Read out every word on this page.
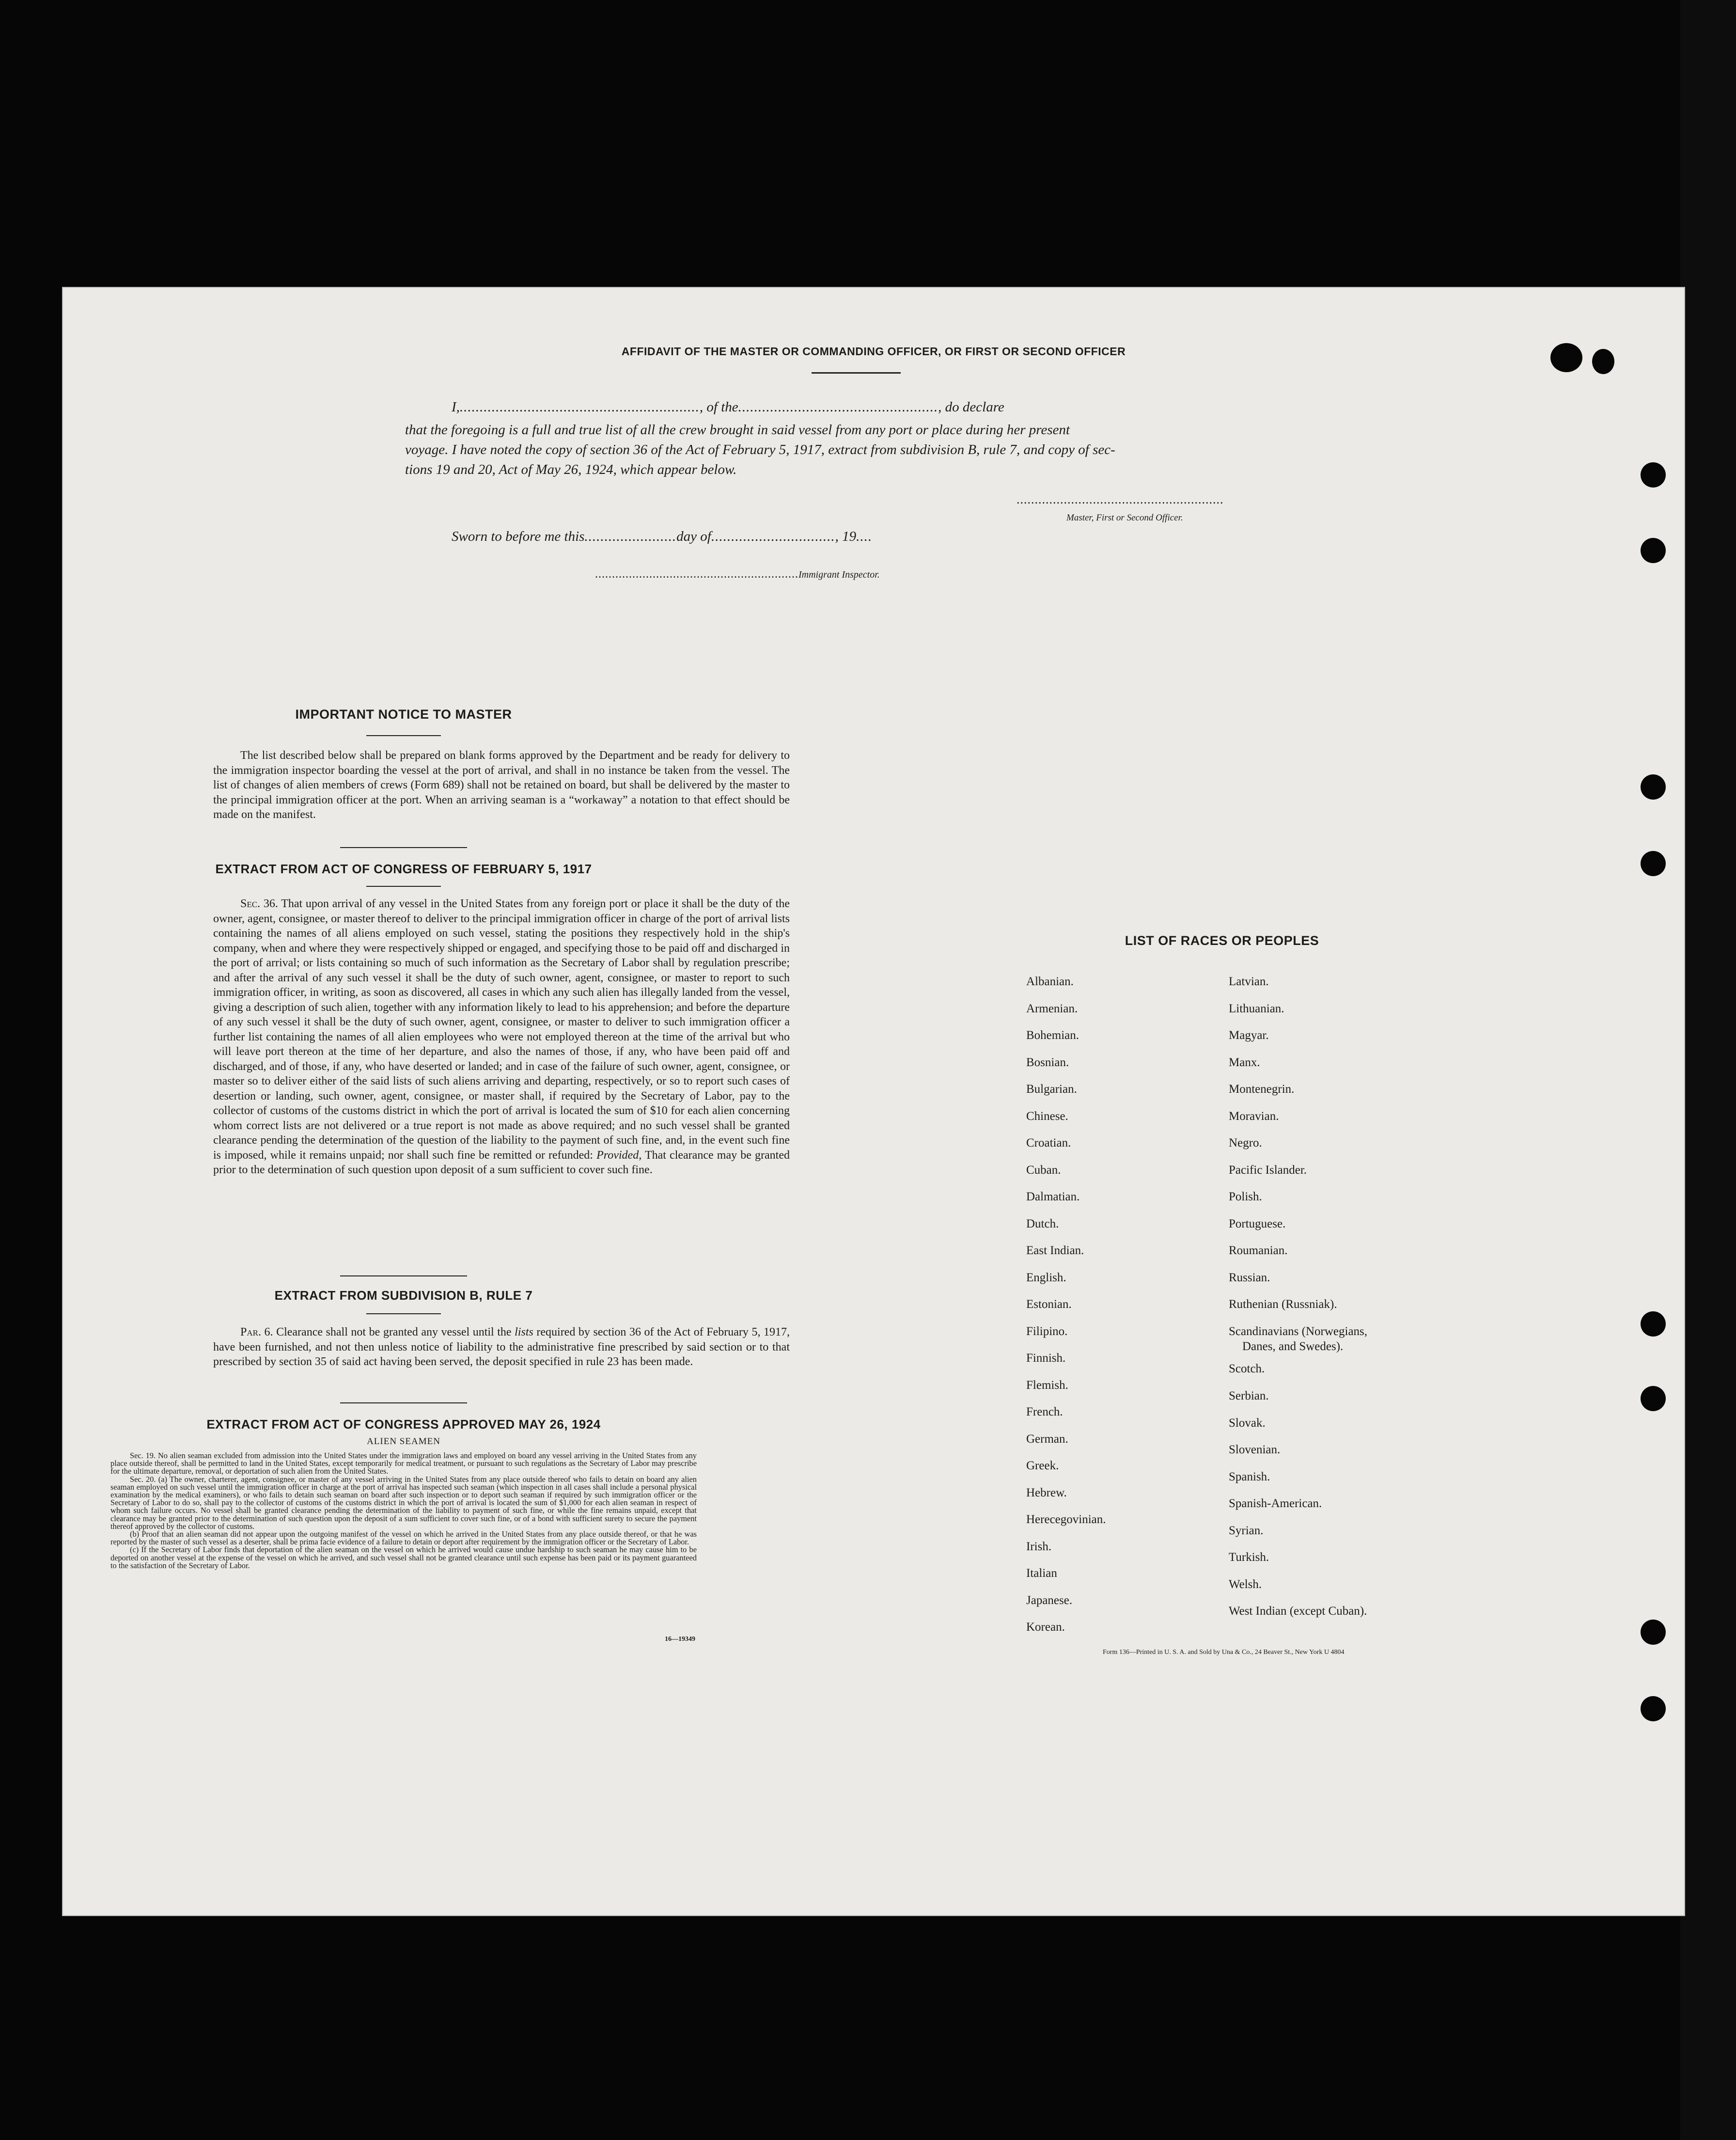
AFFIDAVIT OF THE MASTER OR COMMANDING OFFICER, OR FIRST OR SECOND OFFICER
I,............................................................, of the.................................................., do declare
that the foregoing is a full and true list of all the crew brought in said vessel from any port or place during her present
voyage. I have noted the copy of section 36 of the Act of February 5, 1917, extract from subdivision B, rule 7, and copy of sec-
tions 19 and 20, Act of May 26, 1924, which appear below.
.........................................................
Master, First or Second Officer.
Sworn to before me this.......................day of..............................., 19....
............................................................Immigrant Inspector.
IMPORTANT NOTICE TO MASTER
The list described below shall be prepared on blank forms approved by the Department and be ready for delivery to the immigration inspector boarding the vessel at the port of arrival, and shall in no instance be taken from the vessel. The list of changes of alien members of crews (Form 689) shall not be retained on board, but shall be delivered by the master to the principal immigration officer at the port. When an arriving seaman is a “workaway” a notation to that effect should be made on the manifest.
EXTRACT FROM ACT OF CONGRESS OF FEBRUARY 5, 1917
Sec. 36. That upon arrival of any vessel in the United States from any foreign port or place it shall be the duty of the owner, agent, consignee, or master thereof to deliver to the principal immigration officer in charge of the port of arrival lists containing the names of all aliens employed on such vessel, stating the positions they respectively hold in the ship's company, when and where they were respectively shipped or engaged, and specifying those to be paid off and discharged in the port of arrival; or lists containing so much of such information as the Secretary of Labor shall by regulation prescribe; and after the arrival of any such vessel it shall be the duty of such owner, agent, consignee, or master to report to such immigration officer, in writing, as soon as discovered, all cases in which any such alien has illegally landed from the vessel, giving a description of such alien, together with any information likely to lead to his apprehension; and before the departure of any such vessel it shall be the duty of such owner, agent, consignee, or master to deliver to such immigration officer a further list containing the names of all alien employees who were not employed thereon at the time of the arrival but who will leave port thereon at the time of her departure, and also the names of those, if any, who have been paid off and discharged, and of those, if any, who have deserted or landed; and in case of the failure of such owner, agent, consignee, or master so to deliver either of the said lists of such aliens arriving and departing, respectively, or so to report such cases of desertion or landing, such owner, agent, consignee, or master shall, if required by the Secretary of Labor, pay to the collector of customs of the customs district in which the port of arrival is located the sum of $10 for each alien concerning whom correct lists are not delivered or a true report is not made as above required; and no such vessel shall be granted clearance pending the determination of the question of the liability to the payment of such fine, and, in the event such fine is imposed, while it remains unpaid; nor shall such fine be remitted or refunded: Provided, That clearance may be granted prior to the determination of such question upon deposit of a sum sufficient to cover such fine.
EXTRACT FROM SUBDIVISION B, RULE 7
Par. 6. Clearance shall not be granted any vessel until the lists required by section 36 of the Act of February 5, 1917, have been furnished, and not then unless notice of liability to the administrative fine prescribed by said section or to that prescribed by section 35 of said act having been served, the deposit specified in rule 23 has been made.
EXTRACT FROM ACT OF CONGRESS APPROVED MAY 26, 1924
ALIEN SEAMEN

Sec. 19. No alien seaman excluded from admission into the United States under the immigration laws and employed on board any vessel arriving in the United States from any place outside thereof, shall be permitted to land in the United States, except temporarily for medical treatment, or pursuant to such regulations as the Secretary of Labor may prescribe for the ultimate departure, removal, or deportation of such alien from the United States.

Sec. 20. (a) The owner, charterer, agent, consignee, or master of any vessel arriving in the United States from any place outside thereof who fails to detain on board any alien seaman employed on such vessel until the immigration officer in charge at the port of arrival has inspected such seaman (which inspection in all cases shall include a personal physical examination by the medical examiners), or who fails to detain such seaman on board after such inspection or to deport such seaman if required by such immigration officer or the Secretary of Labor to do so, shall pay to the collector of customs of the customs district in which the port of arrival is located the sum of $1,000 for each alien seaman in respect of whom such failure occurs. No vessel shall be granted clearance pending the determination of the liability to payment of such fine, or while the fine remains unpaid, except that clearance may be granted prior to the determination of such question upon the deposit of a sum sufficient to cover such fine, or of a bond with sufficient surety to secure the payment thereof approved by the collector of customs.

(b) Proof that an alien seaman did not appear upon the outgoing manifest of the vessel on which he arrived in the United States from any place outside thereof, or that he was reported by the master of such vessel as a deserter, shall be prima facie evidence of a failure to detain or deport after requirement by the immigration officer or the Secretary of Labor.

(c) If the Secretary of Labor finds that deportation of the alien seaman on the vessel on which he arrived would cause undue hardship to such seaman he may cause him to be deported on another vessel at the expense of the vessel on which he arrived, and such vessel shall not be granted clearance until such expense has been paid or its payment guaranteed to the satisfaction of the Secretary of Labor.

16—19349
LIST OF RACES OR PEOPLES
Albanian.
Armenian.
Bohemian.
Bosnian.
Bulgarian.
Chinese.
Croatian.
Cuban.
Dalmatian.
Dutch.
East Indian.
English.
Estonian.
Filipino.
Finnish.
Flemish.
French.
German.
Greek.
Hebrew.
Herecegovinian.
Irish.
Italian
Japanese.
Korean.
Latvian.
Lithuanian.
Magyar.
Manx.
Montenegrin.
Moravian.
Negro.
Pacific Islander.
Polish.
Portuguese.
Roumanian.
Russian.
Ruthenian (Russniak).
Scandinavians (Norwegians,
Danes, and Swedes).
Scotch.
Serbian.
Slovak.
Slovenian.
Spanish.
Spanish-American.
Syrian.
Turkish.
Welsh.
West Indian (except Cuban).
Form 136—Printed in U. S. A. and Sold by Una & Co., 24 Beaver St., New York U 4804
